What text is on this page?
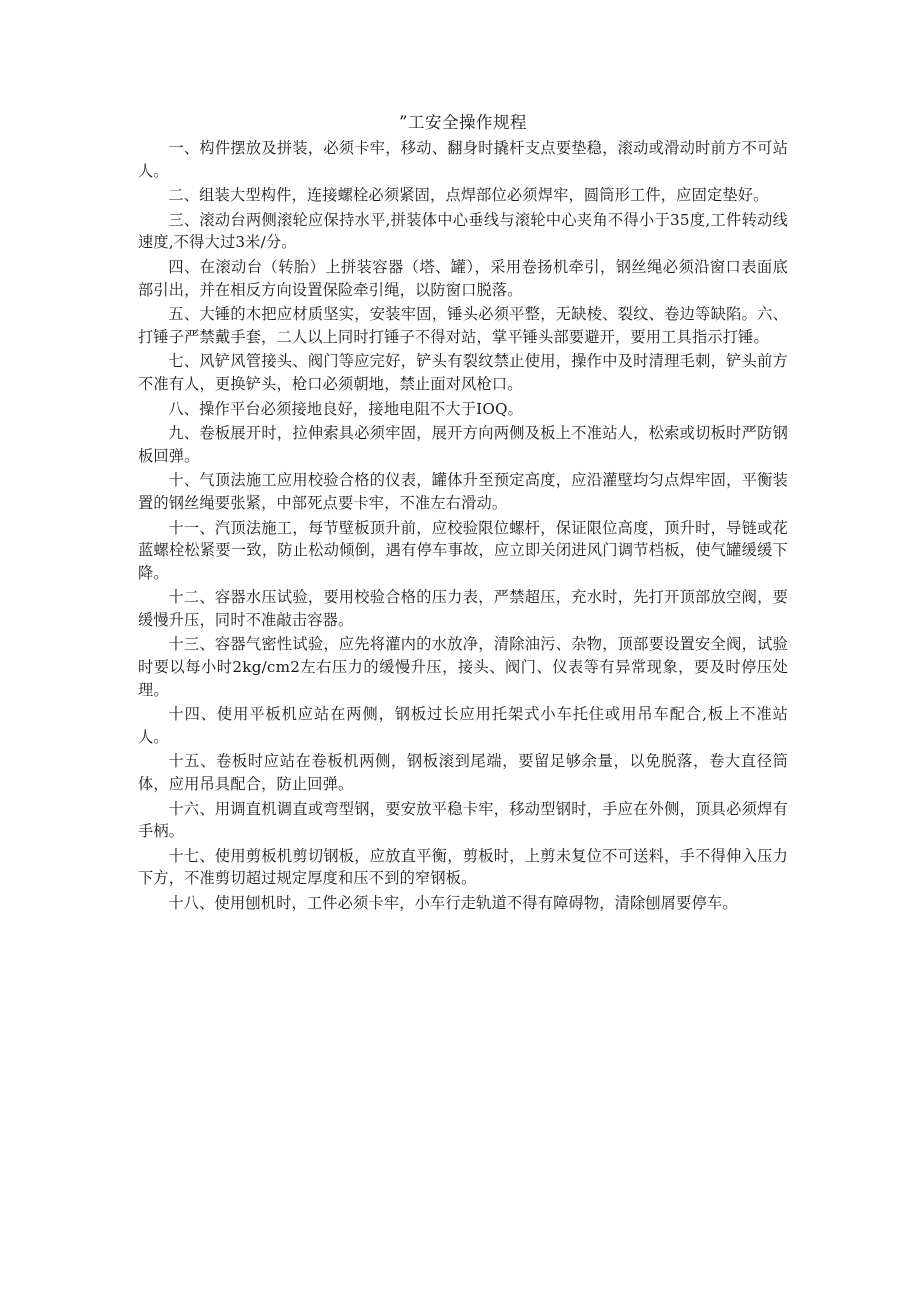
”工安全操作规程

一、构件摆放及拼装，必须卡牢，移动、翻身时撬杆支点要垫稳，滚动或滑动时前方不可站人。

二、组装大型构件，连接螺栓必须紧固，点焊部位必须焊牢，圆筒形工件，应固定垫好。

三、滚动台两侧滚轮应保持水平,拼装体中心垂线与滚轮中心夹角不得小于35度,工件转动线速度,不得大过3米/分。

四、在滚动台（转胎）上拼装容器（塔、罐），采用卷扬机牵引，钢丝绳必须沿窗口表面底部引出，并在相反方向设置保险牵引绳，以防窗口脱落。

五、大锤的木把应材质坚实，安装牢固，锤头必须平整，无缺棱、裂纹、卷边等缺陷。六、打锤子严禁戴手套，二人以上同时打锤子不得对站，掌平锤头部要避开，要用工具指示打锤。

七、风铲风管接头、阀门等应完好，铲头有裂纹禁止使用，操作中及时清理毛刺，铲头前方不准有人，更换铲头，枪口必须朝地，禁止面对风枪口。

八、操作平台必须接地良好，接地电阻不大于IOQ。

九、卷板展开时，拉伸索具必须牢固，展开方向两侧及板上不准站人，松索或切板时严防钢板回弹。

十、气顶法施工应用校验合格的仪表，罐体升至预定高度，应沿灌壁均匀点焊牢固，平衡装置的钢丝绳要张紧，中部死点要卡牢，不准左右滑动。

十一、汽顶法施工，每节壁板顶升前，应校验限位螺杆，保证限位高度，顶升时，导链或花蓝螺栓松紧要一致，防止松动倾倒，遇有停车事故，应立即关闭进风门调节档板，使气罐缓缓下降。

十二、容器水压试验，要用校验合格的压力表，严禁超压，充水时，先打开顶部放空阀，要缓慢升压，同时不准敲击容器。

十三、容器气密性试验，应先将灌内的水放净，清除油污、杂物，顶部要设置安全阀，试验时要以每小时2kg/cm2左右压力的缓慢升压，接头、阀门、仪表等有异常现象，要及时停压处理。

十四、使用平板机应站在两侧，钢板过长应用托架式小车托住或用吊车配合,板上不准站人。

十五、卷板时应站在卷板机两侧，钢板滚到尾端，要留足够余量，以免脱落，卷大直径筒体，应用吊具配合，防止回弹。

十六、用调直机调直或弯型钢，要安放平稳卡牢，移动型钢时，手应在外侧，顶具必须焊有手柄。

十七、使用剪板机剪切钢板，应放直平衡，剪板时，上剪未复位不可送料，手不得伸入压力下方，不准剪切超过规定厚度和压不到的窄钢板。

十八、使用刨机时，工件必须卡牢，小车行走轨道不得有障碍物，清除刨屑要停车。
